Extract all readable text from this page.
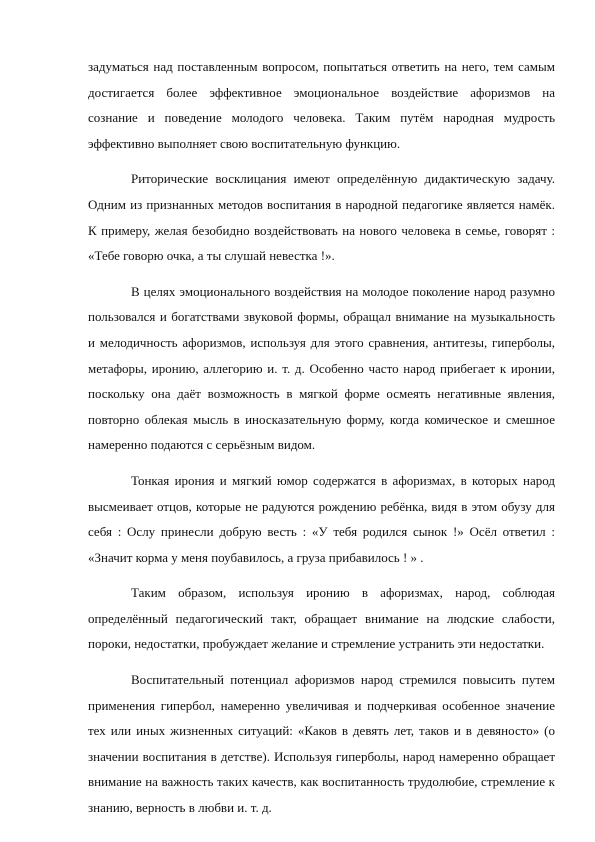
задуматься над поставленным вопросом, попытаться ответить на него, тем самым достигается более эффективное эмоциональное воздействие афоризмов на сознание и поведение молодого человека. Таким путём народная мудрость эффективно выполняет свою воспитательную функцию.

Риторические восклицания имеют определённую дидактическую задачу. Одним из признанных методов воспитания в народной педагогике является намёк. К примеру, желая безобидно воздействовать на нового человека в семье, говорят : «Тебе говорю очка, а ты слушай невестка !».

В целях эмоционального воздействия на молодое поколение народ разумно пользовался и богатствами звуковой формы, обращал внимание на музыкальность и мелодичность афоризмов, используя для этого сравнения, антитезы, гиперболы, метафоры, иронию, аллегорию и. т. д. Особенно часто народ прибегает к иронии, поскольку она даёт возможность в мягкой форме осмеять негативные явления, повторно облекая мысль в иносказательную форму, когда комическое и смешное намеренно подаются с серьёзным видом.

Тонкая ирония и мягкий юмор содержатся в афоризмах, в которых народ высмеивает отцов, которые не радуются рождению ребёнка, видя в этом обузу для себя : Ослу принесли добрую весть : «У тебя родился сынок !» Осёл ответил : «Значит корма у меня поубавилось, а груза прибавилось ! » .

Таким образом, используя иронию в афоризмах, народ, соблюдая определённый педагогический такт, обращает внимание на людские слабости, пороки, недостатки, пробуждает желание и стремление устранить эти недостатки.

Воспитательный потенциал афоризмов народ стремился повысить путем применения гипербол, намеренно увеличивая и подчеркивая особенное значение тех или иных жизненных ситуаций: «Каков в девять лет, таков и в девяносто» (о значении воспитания в детстве). Используя гиперболы, народ намеренно обращает внимание на важность таких качеств, как воспитанность трудолюбие, стремление к знанию, верность в любви и. т. д.
